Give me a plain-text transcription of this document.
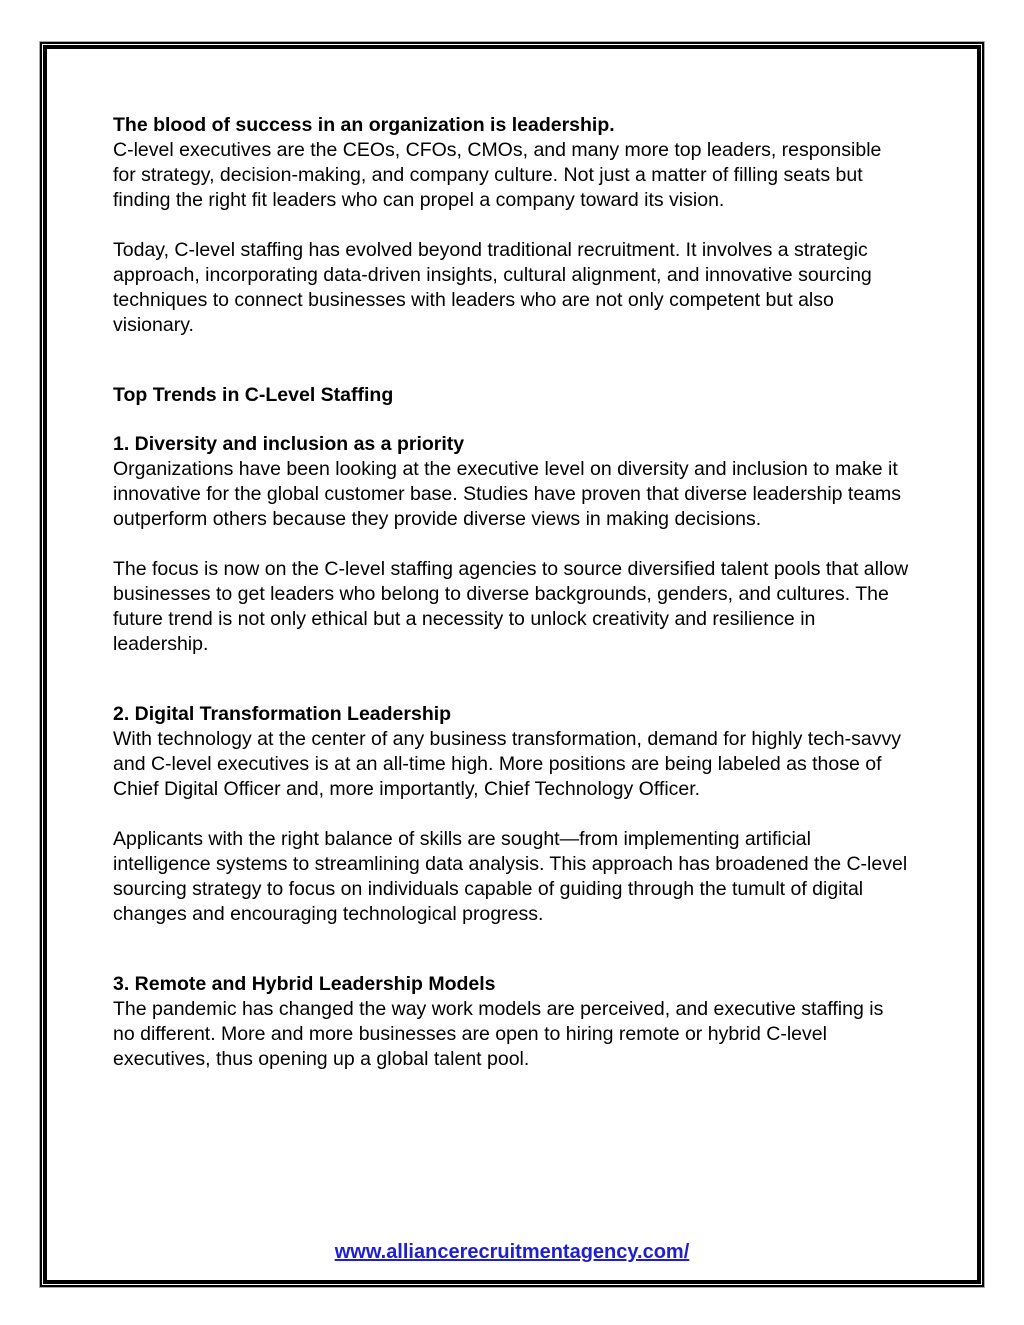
The blood of success in an organization is leadership.
C-level executives are the CEOs, CFOs, CMOs, and many more top leaders, responsible for strategy, decision-making, and company culture. Not just a matter of filling seats but finding the right fit leaders who can propel a company toward its vision.
Today, C-level staffing has evolved beyond traditional recruitment. It involves a strategic approach, incorporating data-driven insights, cultural alignment, and innovative sourcing techniques to connect businesses with leaders who are not only competent but also visionary.
Top Trends in C-Level Staffing
1. Diversity and inclusion as a priority
Organizations have been looking at the executive level on diversity and inclusion to make it innovative for the global customer base. Studies have proven that diverse leadership teams outperform others because they provide diverse views in making decisions.
The focus is now on the C-level staffing agencies to source diversified talent pools that allow businesses to get leaders who belong to diverse backgrounds, genders, and cultures. The future trend is not only ethical but a necessity to unlock creativity and resilience in leadership.
2. Digital Transformation Leadership
With technology at the center of any business transformation, demand for highly tech-savvy and C-level executives is at an all-time high. More positions are being labeled as those of Chief Digital Officer and, more importantly, Chief Technology Officer.
Applicants with the right balance of skills are sought—from implementing artificial intelligence systems to streamlining data analysis. This approach has broadened the C-level sourcing strategy to focus on individuals capable of guiding through the tumult of digital changes and encouraging technological progress.
3. Remote and Hybrid Leadership Models
The pandemic has changed the way work models are perceived, and executive staffing is no different. More and more businesses are open to hiring remote or hybrid C-level executives, thus opening up a global talent pool.
www.alliancerecruitmentagency.com/
